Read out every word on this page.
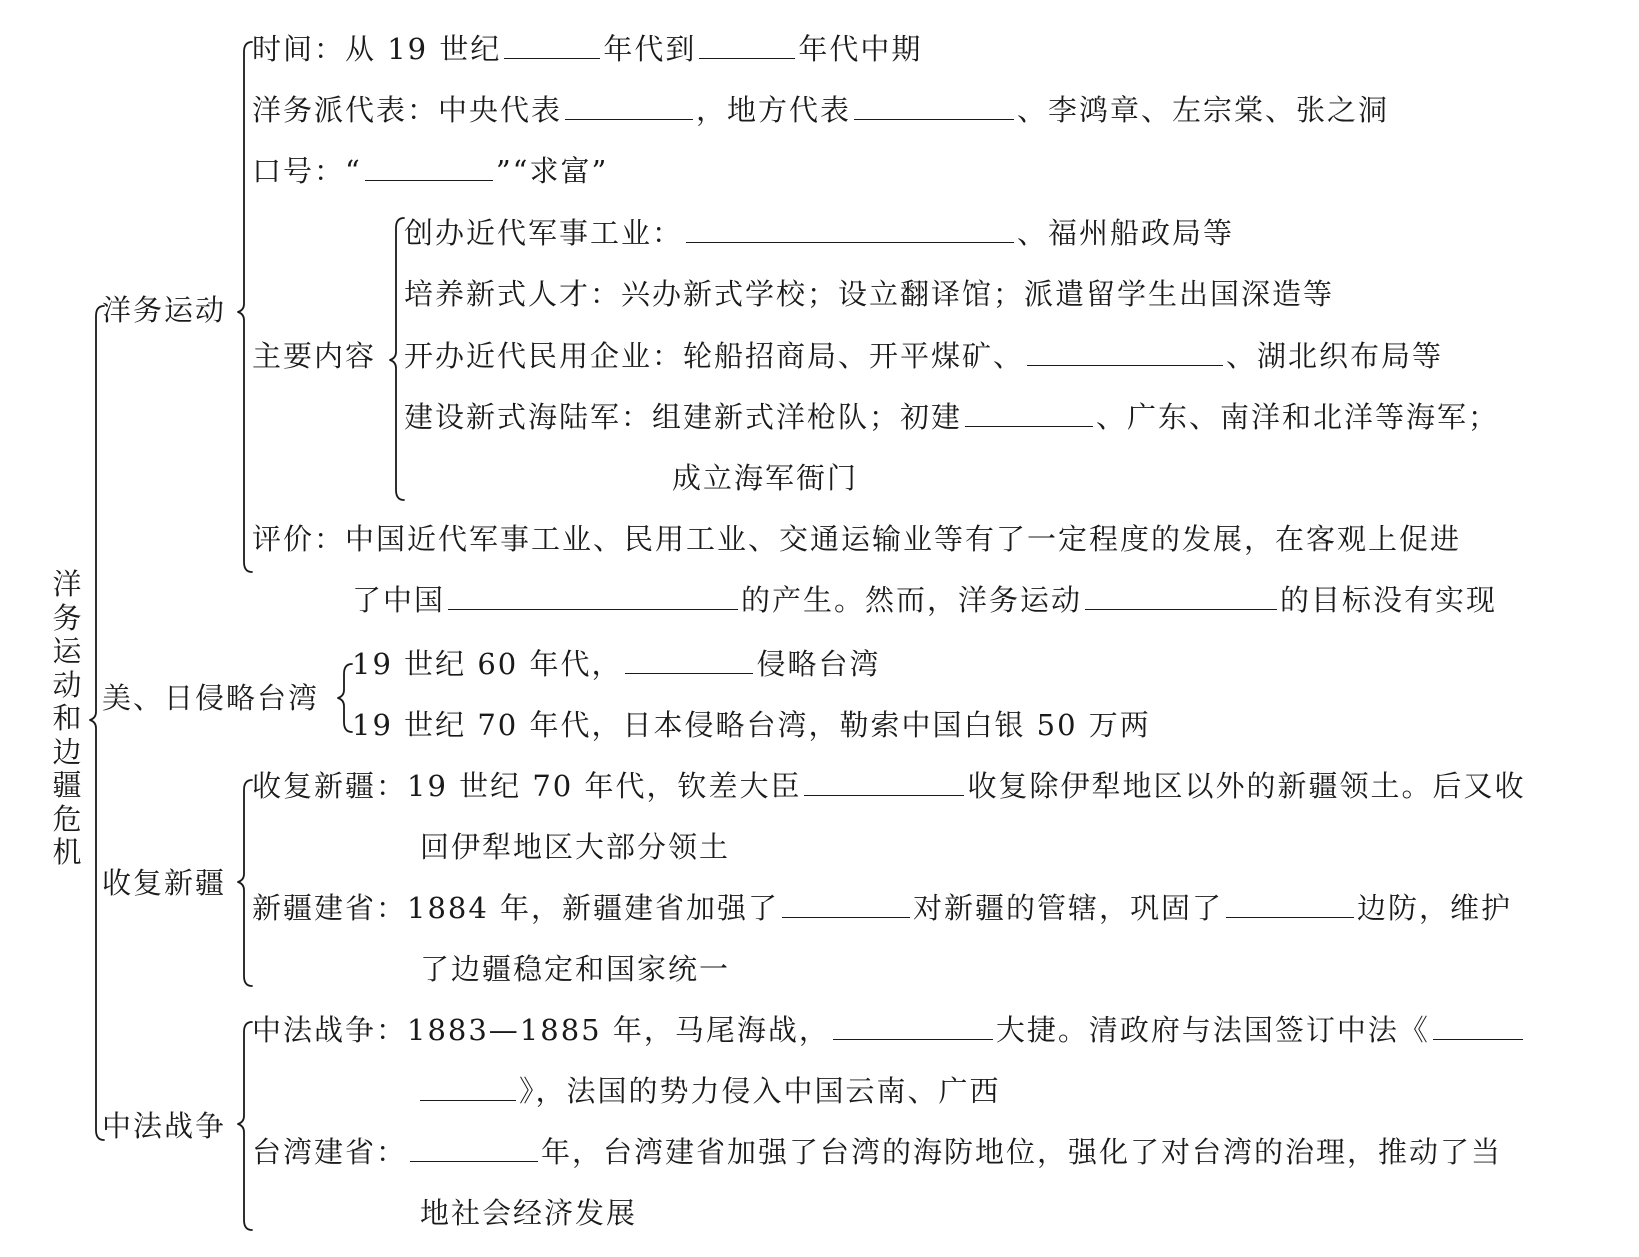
洋
务
运
动
和
边
疆
危
机
洋务运动
时间：从 19 世纪	年代到	年代中期
洋务派代表：中央代表	，地方代表	、李鸿章、左宗棠、张之洞
口号：“	”“求富”
主要内容
创办近代军事工业：	、福州船政局等
培养新式人才：兴办新式学校；设立翻译馆；派遣留学生出国深造等
开办近代民用企业：轮船招商局、开平煤矿、	、湖北织布局等
建设新式海陆军：组建新式洋枪队；初建	、广东、南洋和北洋等海军；
成立海军衙门
评价：中国近代军事工业、民用工业、交通运输业等有了一定程度的发展，在客观上促进
了中国	的产生。然而，洋务运动	的目标没有实现
美、日侵略台湾
19 世纪 60 年代，	侵略台湾
19 世纪 70 年代，日本侵略台湾，勒索中国白银 50 万两
收复新疆
收复新疆：19 世纪 70 年代，钦差大臣	收复除伊犁地区以外的新疆领土。后又收
回伊犁地区大部分领土
新疆建省：1884 年，新疆建省加强了	对新疆的管辖，巩固了	边防，维护
了边疆稳定和国家统一
中法战争
中法战争：1883—1885 年，马尾海战，	大捷。清政府与法国签订中法《
》，法国的势力侵入中国云南、广西
台湾建省：	年，台湾建省加强了台湾的海防地位，强化了对台湾的治理，推动了当
地社会经济发展
